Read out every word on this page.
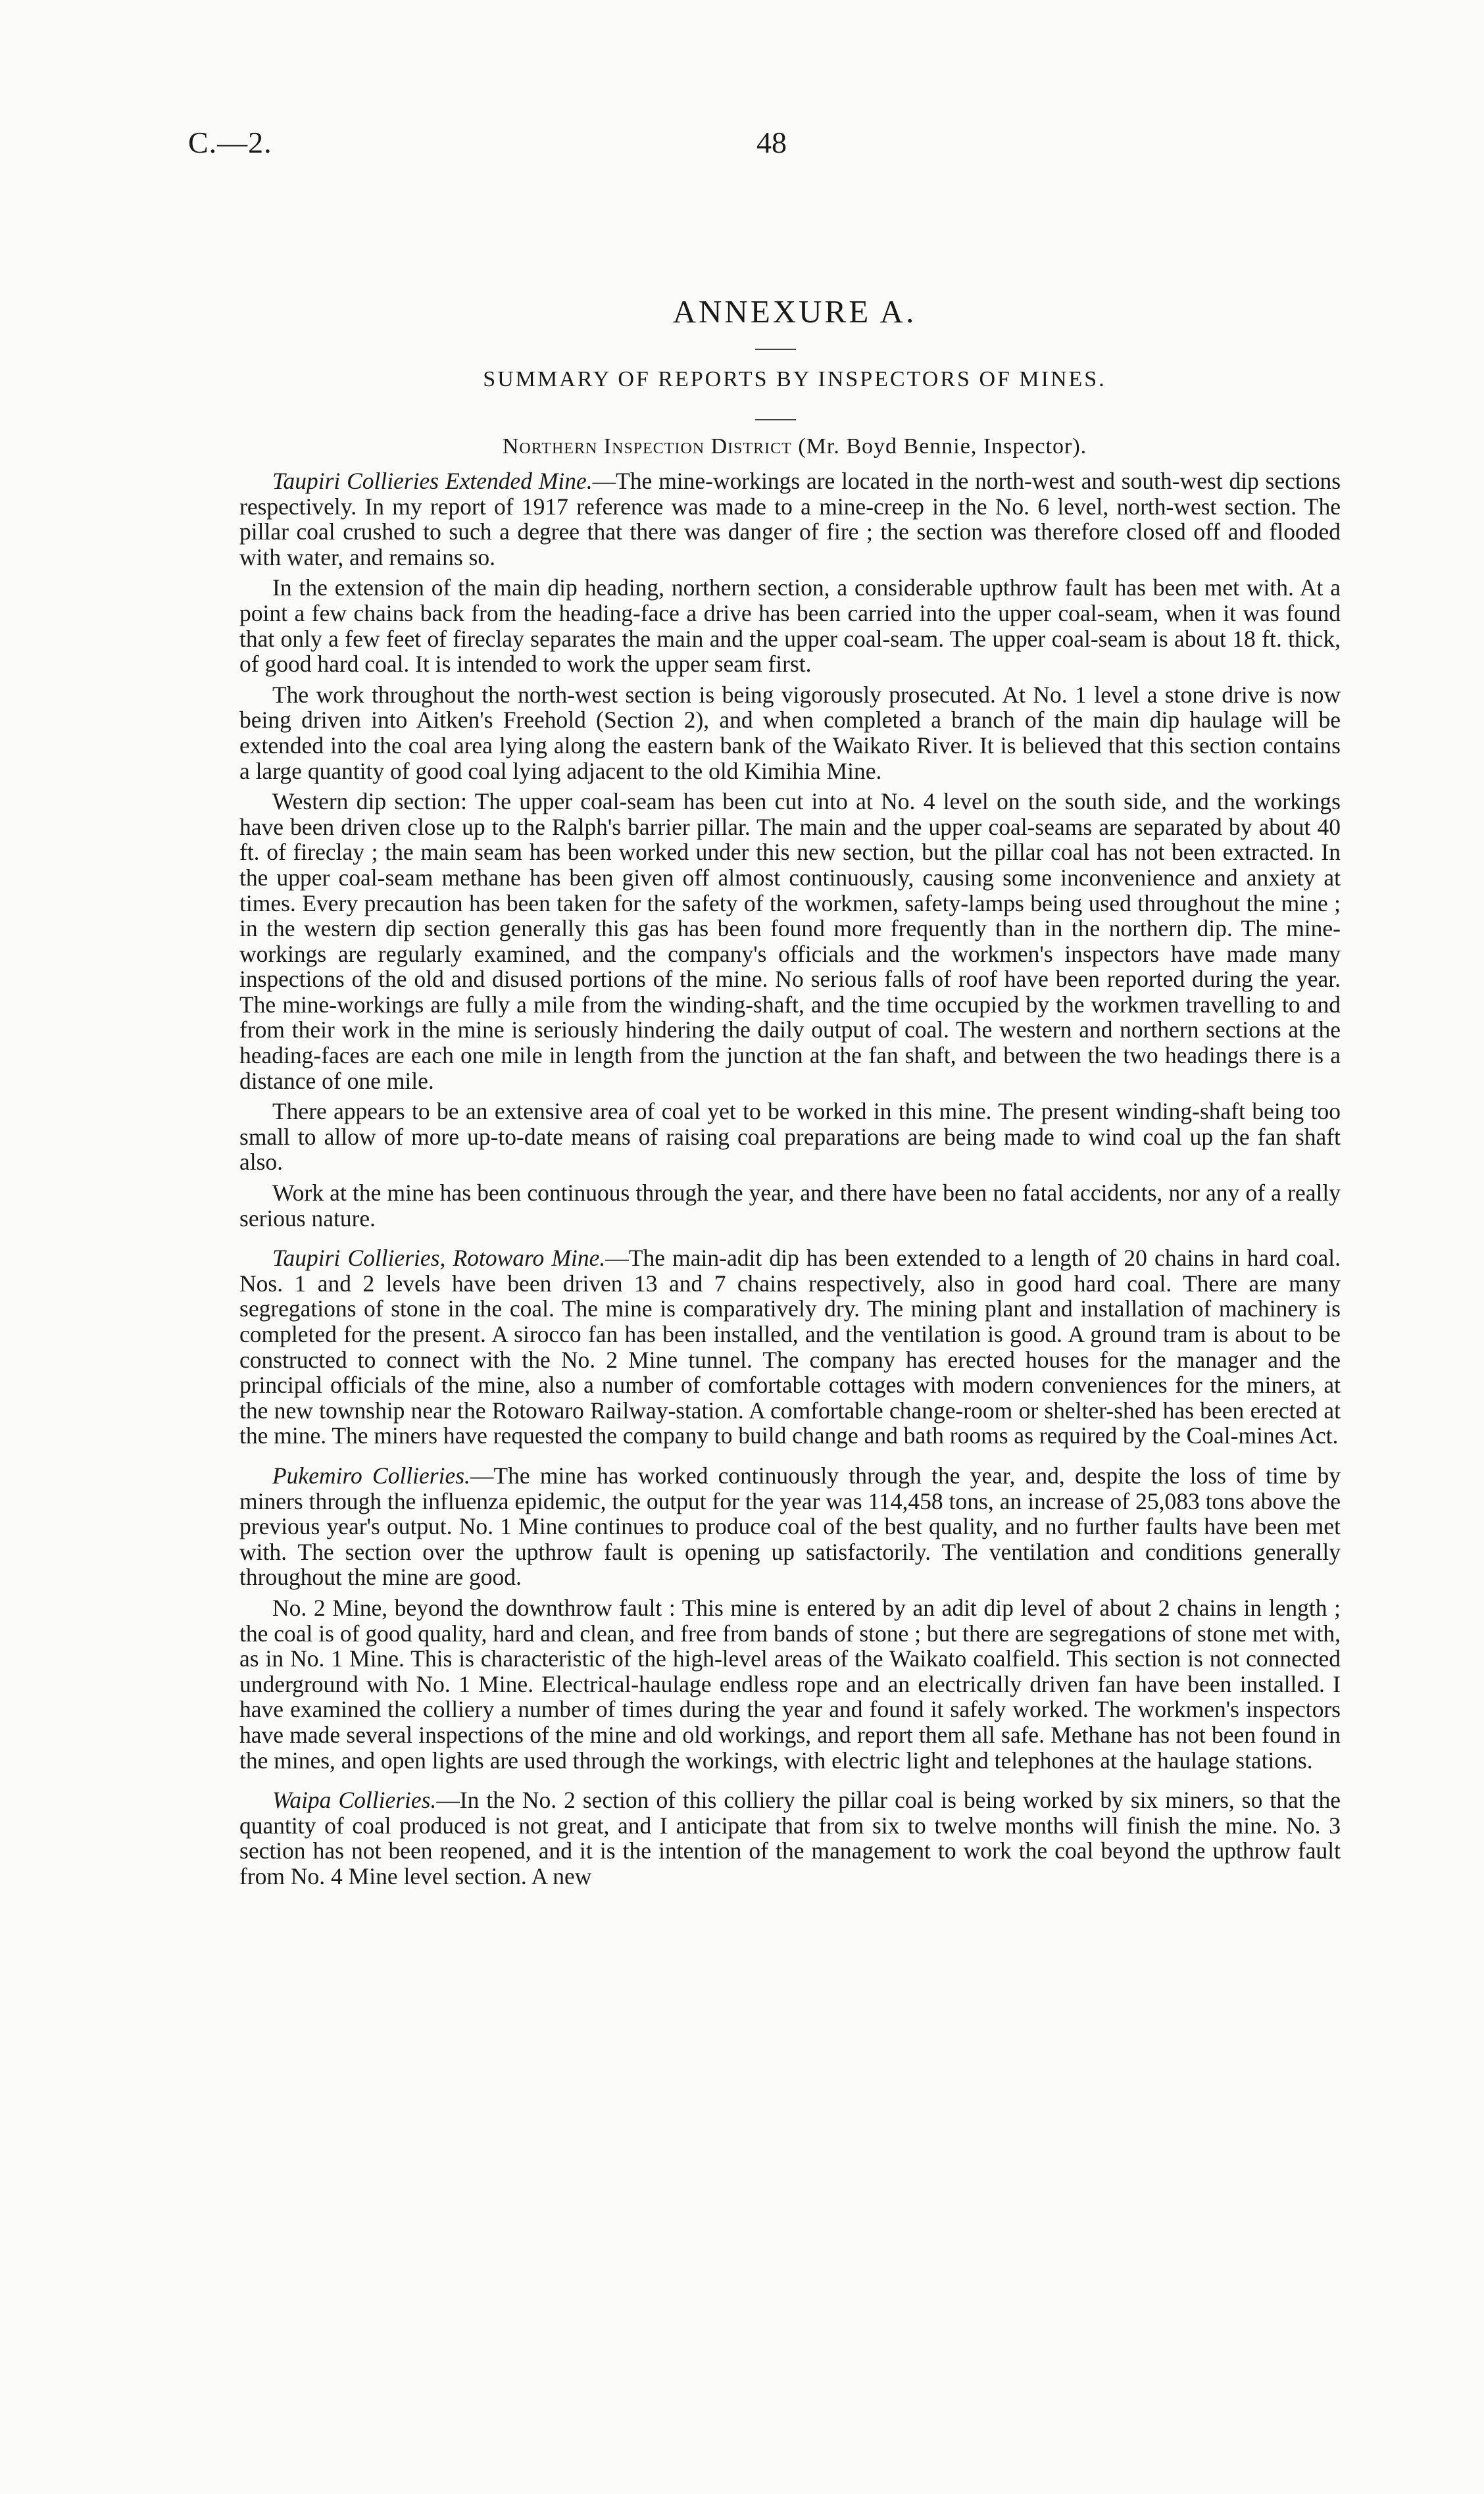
C.—2.	48
ANNEXURE A.
SUMMARY OF REPORTS BY INSPECTORS OF MINES.
Northern Inspection District (Mr. Boyd Bennie, Inspector).

Taupiri Collieries Extended Mine.—The mine-workings are located in the north-west and south-west dip sections respectively. In my report of 1917 reference was made to a mine-creep in the No. 6 level, north-west section. The pillar coal crushed to such a degree that there was danger of fire ; the section was therefore closed off and flooded with water, and remains so.

In the extension of the main dip heading, northern section, a considerable upthrow fault has been met with. At a point a few chains back from the heading-face a drive has been carried into the upper coal-seam, when it was found that only a few feet of fireclay separates the main and the upper coal-seam. The upper coal-seam is about 18 ft. thick, of good hard coal. It is intended to work the upper seam first.

The work throughout the north-west section is being vigorously prosecuted. At No. 1 level a stone drive is now being driven into Aitken's Freehold (Section 2), and when completed a branch of the main dip haulage will be extended into the coal area lying along the eastern bank of the Waikato River. It is believed that this section contains a large quantity of good coal lying adjacent to the old Kimihia Mine.

Western dip section: The upper coal-seam has been cut into at No. 4 level on the south side, and the workings have been driven close up to the Ralph's barrier pillar. The main and the upper coal-seams are separated by about 40 ft. of fireclay ; the main seam has been worked under this new section, but the pillar coal has not been extracted. In the upper coal-seam methane has been given off almost continuously, causing some inconvenience and anxiety at times. Every precaution has been taken for the safety of the workmen, safety-lamps being used throughout the mine ; in the western dip section generally this gas has been found more frequently than in the northern dip. The mine-workings are regularly examined, and the company's officials and the workmen's inspectors have made many inspections of the old and disused portions of the mine. No serious falls of roof have been reported during the year. The mine-workings are fully a mile from the winding-shaft, and the time occupied by the workmen travelling to and from their work in the mine is seriously hindering the daily output of coal. The western and northern sections at the heading-faces are each one mile in length from the junction at the fan shaft, and between the two headings there is a distance of one mile.

There appears to be an extensive area of coal yet to be worked in this mine. The present winding-shaft being too small to allow of more up-to-date means of raising coal preparations are being made to wind coal up the fan shaft also.

Work at the mine has been continuous through the year, and there have been no fatal accidents, nor any of a really serious nature.

Taupiri Collieries, Rotowaro Mine.—The main-adit dip has been extended to a length of 20 chains in hard coal. Nos. 1 and 2 levels have been driven 13 and 7 chains respectively, also in good hard coal. There are many segregations of stone in the coal. The mine is comparatively dry. The mining plant and installation of machinery is completed for the present. A sirocco fan has been installed, and the ventilation is good. A ground tram is about to be constructed to connect with the No. 2 Mine tunnel. The company has erected houses for the manager and the principal officials of the mine, also a number of comfortable cottages with modern conveniences for the miners, at the new township near the Rotowaro Railway-station. A comfortable change-room or shelter-shed has been erected at the mine. The miners have requested the company to build change and bath rooms as required by the Coal-mines Act.

Pukemiro Collieries.—The mine has worked continuously through the year, and, despite the loss of time by miners through the influenza epidemic, the output for the year was 114,458 tons, an increase of 25,083 tons above the previous year's output. No. 1 Mine continues to produce coal of the best quality, and no further faults have been met with. The section over the upthrow fault is opening up satisfactorily. The ventilation and conditions generally throughout the mine are good.

No. 2 Mine, beyond the downthrow fault : This mine is entered by an adit dip level of about 2 chains in length ; the coal is of good quality, hard and clean, and free from bands of stone ; but there are segregations of stone met with, as in No. 1 Mine. This is characteristic of the high-level areas of the Waikato coalfield. This section is not connected underground with No. 1 Mine. Electrical-haulage endless rope and an electrically driven fan have been installed. I have examined the colliery a number of times during the year and found it safely worked. The workmen's inspectors have made several inspections of the mine and old workings, and report them all safe. Methane has not been found in the mines, and open lights are used through the workings, with electric light and telephones at the haulage stations.

Waipa Collieries.—In the No. 2 section of this colliery the pillar coal is being worked by six miners, so that the quantity of coal produced is not great, and I anticipate that from six to twelve months will finish the mine. No. 3 section has not been reopened, and it is the intention of the management to work the coal beyond the upthrow fault from No. 4 Mine level section. A new
